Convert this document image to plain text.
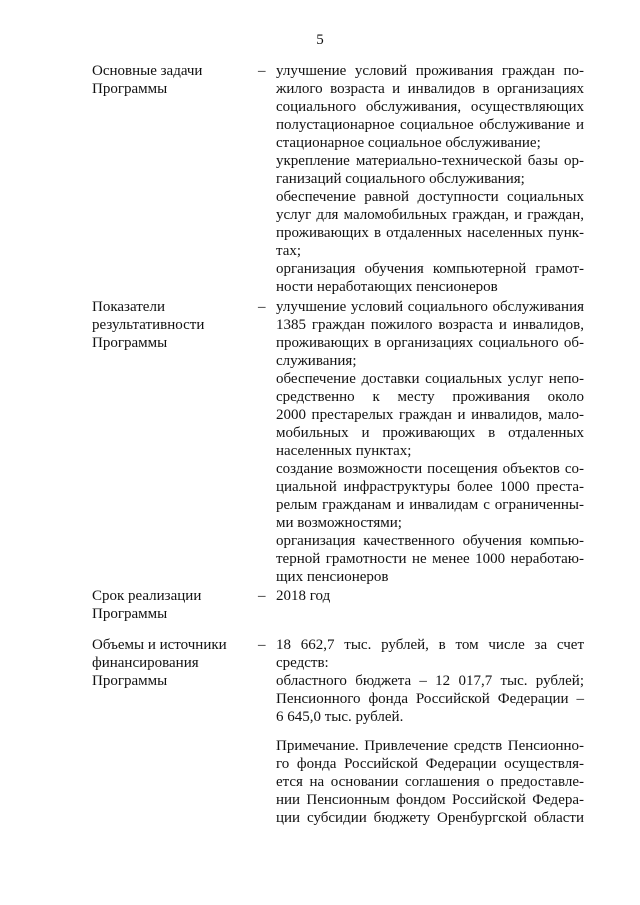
5
Основные задачи
Программы
– улучшение условий проживания граждан по-
жилого возраста и инвалидов в организациях
социального обслуживания, осуществляющих
полустационарное социальное обслуживание и
стационарное социальное обслуживание;
укрепление материально-технической базы ор-
ганизаций социального обслуживания;
обеспечение равной доступности социальных
услуг для маломобильных граждан, и граждан,
проживающих в отдаленных населенных пунк-
тах;
организация обучения компьютерной грамот-
ности неработающих пенсионеров
Показатели
результативности
Программы
– улучшение условий социального обслуживания
1385 граждан пожилого возраста и инвалидов,
проживающих в организациях социального об-
служивания;
обеспечение доставки социальных услуг непо-
средственно к месту проживания около
2000 престарелых граждан и инвалидов, мало-
мобильных и проживающих в отдаленных
населенных пунктах;
создание возможности посещения объектов со-
циальной инфраструктуры более 1000 преста-
релым гражданам и инвалидам с ограниченны-
ми возможностями;
организация качественного обучения компью-
терной грамотности не менее 1000 неработаю-
щих пенсионеров
Срок реализации
Программы
– 2018 год
Объемы и источники
финансирования
Программы
– 18 662,7 тыс. рублей, в том числе за счет
средств:
областного бюджета – 12 017,7 тыс. рублей;
Пенсионного фонда Российской Федерации –
6 645,0 тыс. рублей.
Примечание. Привлечение средств Пенсионно-
го фонда Российской Федерации осуществля-
ется на основании соглашения о предоставле-
нии Пенсионным фондом Российской Федера-
ции субсидии бюджету Оренбургской области
